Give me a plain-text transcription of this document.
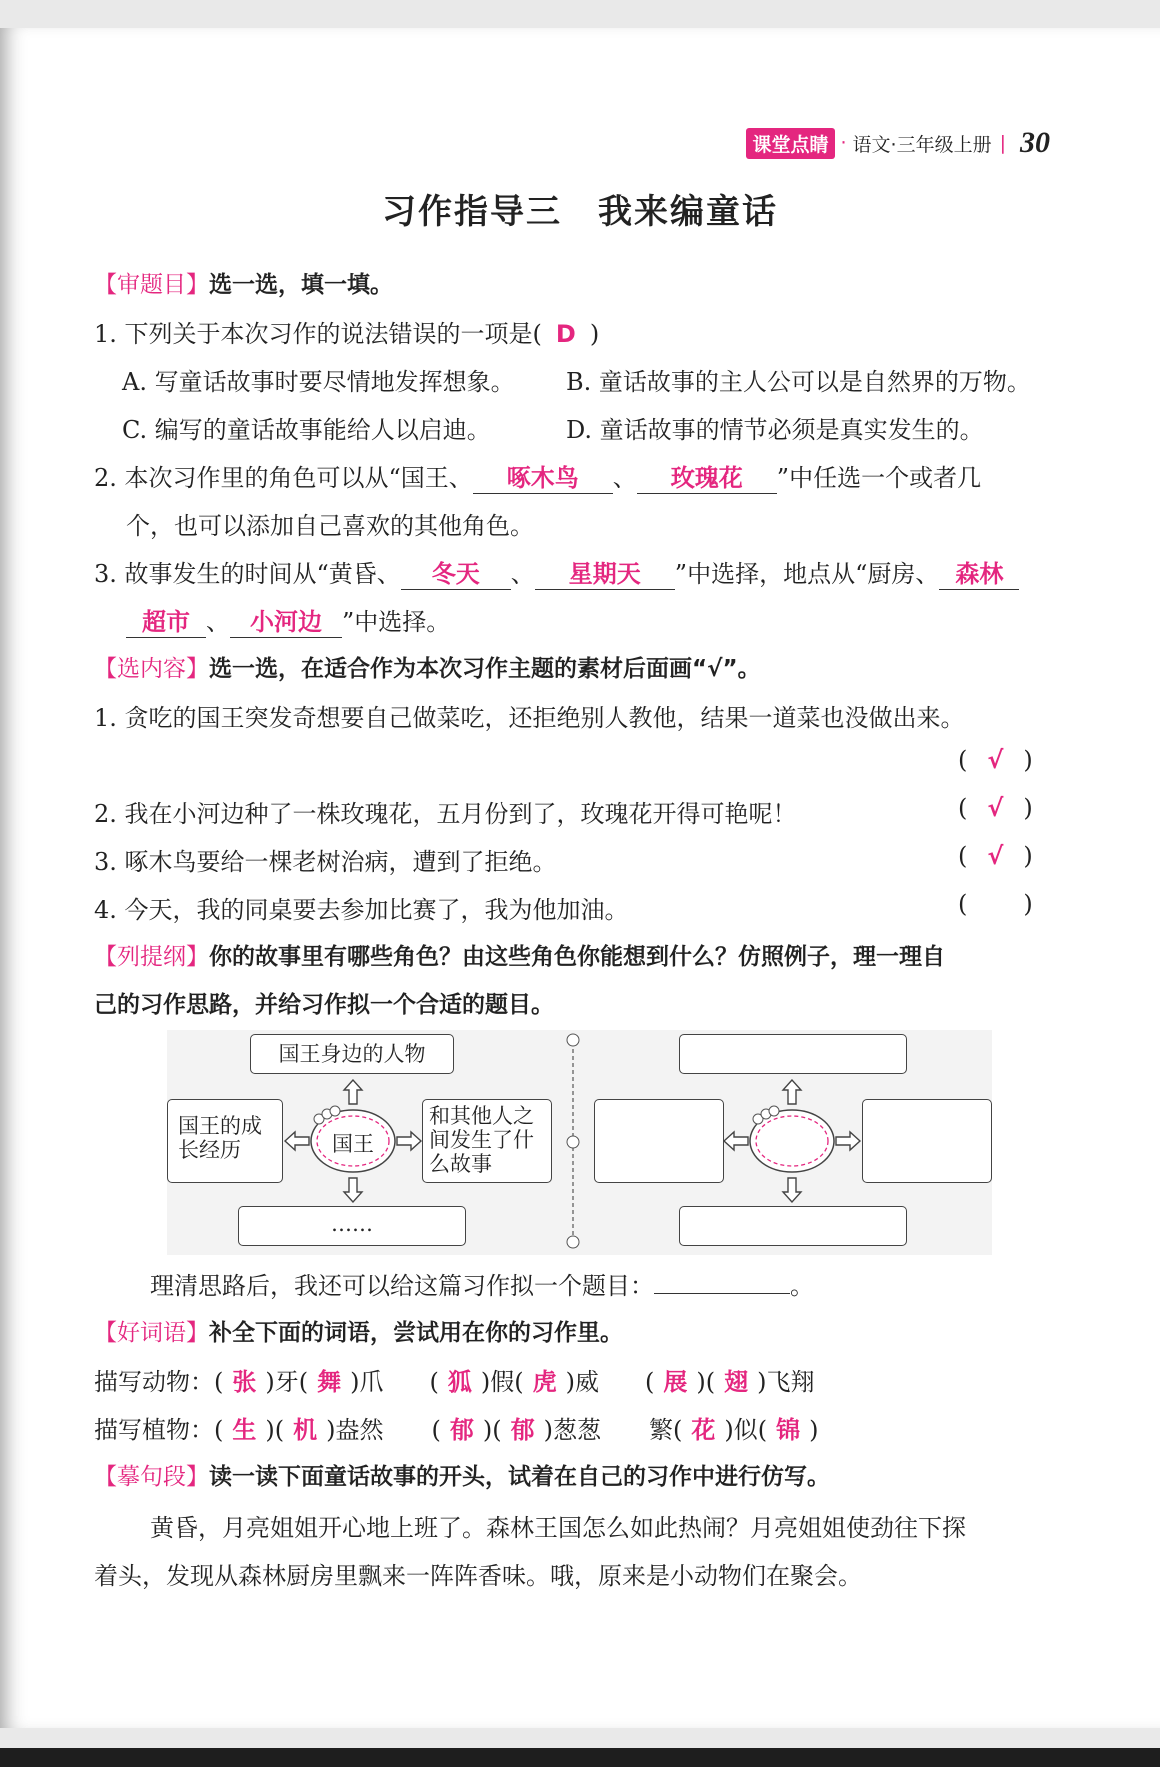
课堂点睛 · 语文·三年级上册 | 30
习作指导三　我来编童话
【审题目】选一选，填一填。
1. 下列关于本次习作的说法错误的一项是( D )
A. 写童话故事时要尽情地发挥想象。 B. 童话故事的主人公可以是自然界的万物。
C. 编写的童话故事能给人以启迪。	D. 童话故事的情节必须是真实发生的。
2. 本次习作里的角色可以从“国王、 啄木鸟 、 玫瑰花 ”中任选一个或者几
个，也可以添加自己喜欢的其他角色。
3. 故事发生的时间从“黄昏、 冬天 、 星期天 ”中选择，地点从“厨房、 森林
超市 、 小河边 ”中选择。
【选内容】选一选，在适合作为本次习作主题的素材后面画“√”。
1. 贪吃的国王突发奇想要自己做菜吃，还拒绝别人教他，结果一道菜也没做出来。
( √ )
2. 我在小河边种了一株玫瑰花，五月份到了，玫瑰花开得可艳呢！	( √ )
3. 啄木鸟要给一棵老树治病，遭到了拒绝。	( √ )
4. 今天，我的同桌要去参加比赛了，我为他加油。	( )
【列提纲】你的故事里有哪些角色？由这些角色你能想到什么？仿照例子，理一理自
己的习作思路，并给习作拟一个合适的题目。
国王身边的人物
国王的成长经历
和其他人之间发生了什么故事
……
国王
理清思路后，我还可以给这篇习作拟一个题目：	。
【好词语】补全下面的词语，尝试用在你的习作里。
描写动物：( 张 )牙( 舞 )爪 ( 狐 )假( 虎 )威 ( 展 )( 翅 )飞翔
描写植物：( 生 )( 机 )盎然 ( 郁 )( 郁 )葱葱 繁( 花 )似( 锦 )
【摹句段】读一读下面童话故事的开头，试着在自己的习作中进行仿写。
黄昏，月亮姐姐开心地上班了。森林王国怎么如此热闹？月亮姐姐使劲往下探
着头，发现从森林厨房里飘来一阵阵香味。哦，原来是小动物们在聚会。
